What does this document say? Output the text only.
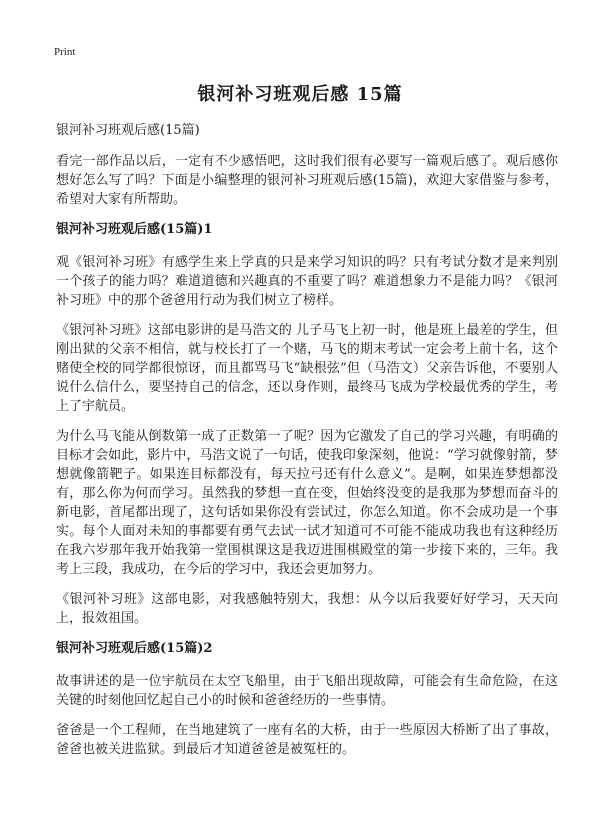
Print
银河补习班观后感 15篇

银河补习班观后感(15篇)

看完一部作品以后，一定有不少感悟吧，这时我们很有必要写一篇观后感了。观后感你想好怎么写了吗？下面是小编整理的银河补习班观后感(15篇)，欢迎大家借鉴与参考，希望对大家有所帮助。

银河补习班观后感(15篇)1

观《银河补习班》有感学生来上学真的只是来学习知识的吗？只有考试分数才是来判别一个孩子的能力吗？难道道德和兴趣真的不重要了吗？难道想象力不是能力吗？《银河补习班》中的那个爸爸用行动为我们树立了榜样。

《银河补习班》这部电影讲的是马浩文的 儿子马飞上初一时，他是班上最差的学生，但刚出狱的父亲不相信，就与校长打了一个赌，马飞的期末考试一定会考上前十名，这个赌使全校的同学都很惊讶，而且都骂马飞“缺根弦”但（马浩文）父亲告诉他，不要别人说什么信什么，要坚持自己的信念，还以身作则，最终马飞成为学校最优秀的学生，考上了宇航员。

为什么马飞能从倒数第一成了正数第一了呢？因为它激发了自己的学习兴趣，有明确的目标才会如此，影片中，马浩文说了一句话，使我印象深刻，他说：“学习就像射箭，梦想就像箭靶子。如果连目标都没有，每天拉弓还有什么意义”。是啊，如果连梦想都没有，那么你为何而学习。虽然我的梦想一直在变，但始终没变的是我那为梦想而奋斗的新电影，首尾都出现了，这句话如果你没有尝试过，你怎么知道。你不会成功是一个事实。每个人面对未知的事都要有勇气去试一试才知道可不可能不能成功我也有这种经历在我六岁那年我开始我第一堂围棋课这是我迈进围棋殿堂的第一步接下来的，三年。我考上三段，我成功，在今后的学习中，我还会更加努力。

《银河补习班》这部电影，对我感触特别大，我想：从今以后我要好好学习，天天向上，报效祖国。

银河补习班观后感(15篇)2

故事讲述的是一位宇航员在太空飞船里，由于飞船出现故障，可能会有生命危险，在这关键的时刻他回忆起自己小的时候和爸爸经历的一些事情。

爸爸是一个工程师，在当地建筑了一座有名的大桥，由于一些原因大桥断了出了事故，爸爸也被关进监狱。到最后才知道爸爸是被冤枉的。
